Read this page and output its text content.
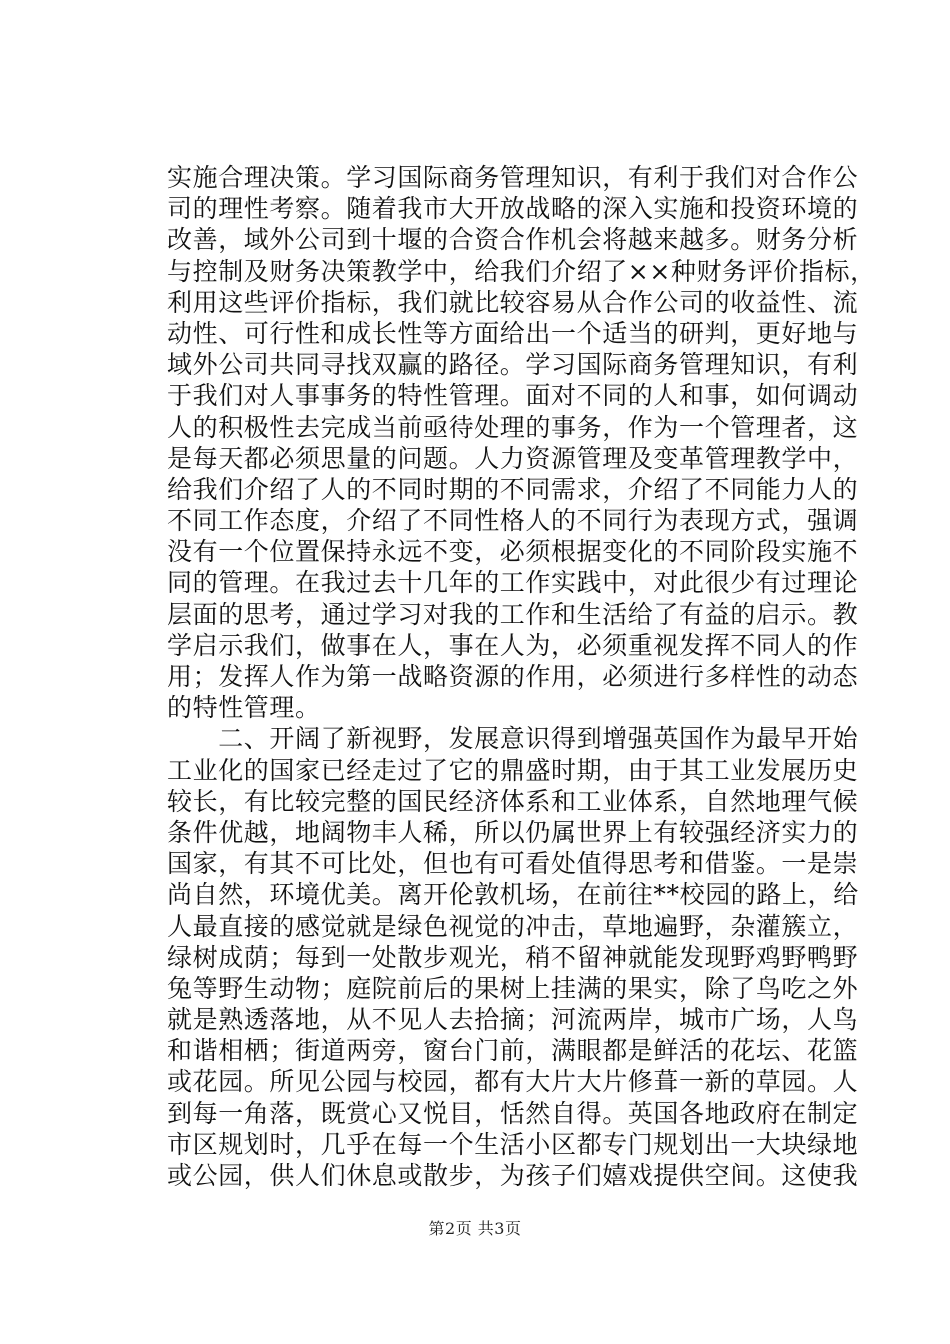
实施合理决策。学习国际商务管理知识，有利于我们对合作公
司的理性考察。随着我市大开放战略的深入实施和投资环境的
改善，域外公司到十堰的合资合作机会将越来越多。财务分析
与控制及财务决策教学中，给我们介绍了××种财务评价指标，
利用这些评价指标，我们就比较容易从合作公司的收益性、流
动性、可行性和成长性等方面给出一个适当的研判，更好地与
域外公司共同寻找双赢的路径。学习国际商务管理知识，有利
于我们对人事事务的特性管理。面对不同的人和事，如何调动
人的积极性去完成当前亟待处理的事务，作为一个管理者，这
是每天都必须思量的问题。人力资源管理及变革管理教学中，
给我们介绍了人的不同时期的不同需求，介绍了不同能力人的
不同工作态度，介绍了不同性格人的不同行为表现方式，强调
没有一个位置保持永远不变，必须根据变化的不同阶段实施不
同的管理。在我过去十几年的工作实践中，对此很少有过理论
层面的思考，通过学习对我的工作和生活给了有益的启示。教
学启示我们，做事在人，事在人为，必须重视发挥不同人的作
用；发挥人作为第一战略资源的作用，必须进行多样性的动态
的特性管理。
　　二、开阔了新视野，发展意识得到增强英国作为最早开始
工业化的国家已经走过了它的鼎盛时期，由于其工业发展历史
较长，有比较完整的国民经济体系和工业体系，自然地理气候
条件优越，地阔物丰人稀，所以仍属世界上有较强经济实力的
国家，有其不可比处，但也有可看处值得思考和借鉴。一是崇
尚自然，环境优美。离开伦敦机场，在前往**校园的路上，给
人最直接的感觉就是绿色视觉的冲击，草地遍野，杂灌簇立，
绿树成荫；每到一处散步观光，稍不留神就能发现野鸡野鸭野
兔等野生动物；庭院前后的果树上挂满的果实，除了鸟吃之外
就是熟透落地，从不见人去拾摘；河流两岸，城市广场，人鸟
和谐相栖；街道两旁，窗台门前，满眼都是鲜活的花坛、花篮
或花园。所见公园与校园，都有大片大片修葺一新的草园。人
到每一角落，既赏心又悦目，恬然自得。英国各地政府在制定
市区规划时，几乎在每一个生活小区都专门规划出一大块绿地
或公园，供人们休息或散步，为孩子们嬉戏提供空间。这使我
第2页 共3页
